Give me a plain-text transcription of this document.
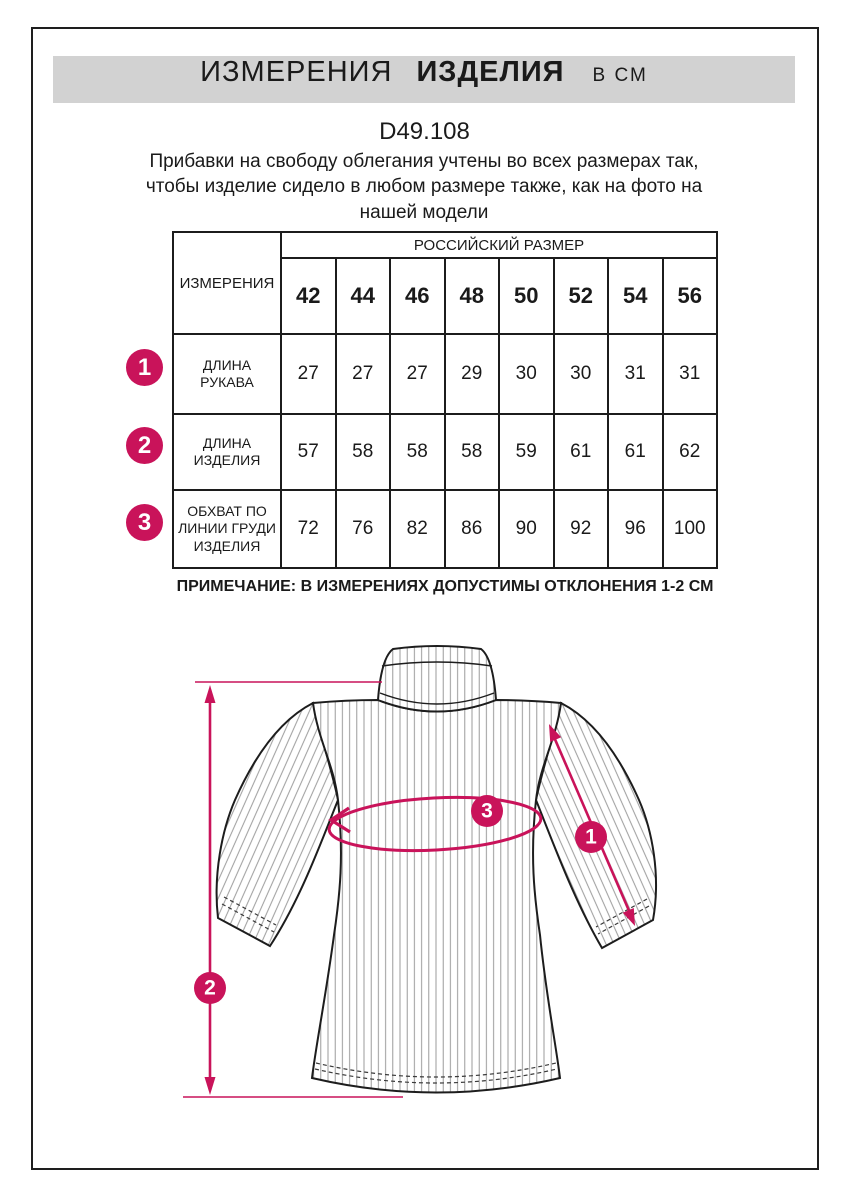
ИЗМЕРЕНИЯ ИЗДЕЛИЯ В СМ
D49.108
Прибавки на свободу облегания учтены во всех размерах так, чтобы изделие сидело в любом размере также, как на фото на нашей модели
ИЗМЕРЕНИЯ	РОССИЙСКИЙ РАЗМЕР							
	42	44	46	48	50	52	54	56
ДЛИНА РУКАВА	27	27	27	29	30	30	31	31
ДЛИНА ИЗДЕЛИЯ	57	58	58	58	59	61	61	62
ОБХВАТ ПО ЛИНИИ ГРУДИ ИЗДЕЛИЯ	72	76	82	86	90	92	96	100
1
2
3
ПРИМЕЧАНИЕ: В ИЗМЕРЕНИЯХ ДОПУСТИМЫ ОТКЛОНЕНИЯ 1-2 СМ
1
2
3
